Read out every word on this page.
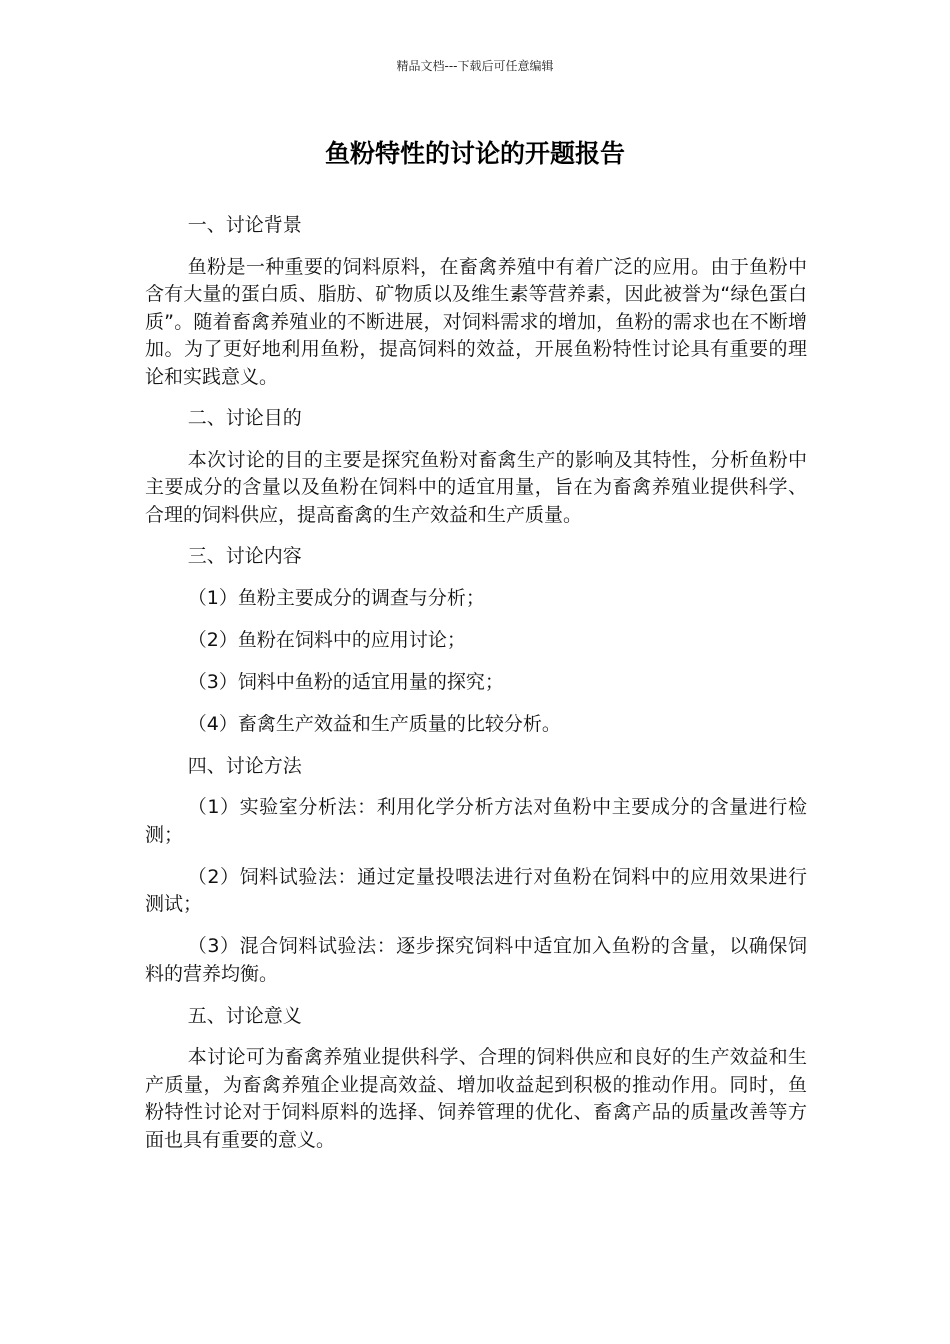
精品文档---下载后可任意编辑
鱼粉特性的讨论的开题报告

一、讨论背景

鱼粉是一种重要的饲料原料，在畜禽养殖中有着广泛的应用。由于鱼粉中含有大量的蛋白质、脂肪、矿物质以及维生素等营养素，因此被誉为“绿色蛋白质”。随着畜禽养殖业的不断进展，对饲料需求的增加，鱼粉的需求也在不断增加。为了更好地利用鱼粉，提高饲料的效益，开展鱼粉特性讨论具有重要的理论和实践意义。

二、讨论目的

本次讨论的目的主要是探究鱼粉对畜禽生产的影响及其特性，分析鱼粉中主要成分的含量以及鱼粉在饲料中的适宜用量，旨在为畜禽养殖业提供科学、合理的饲料供应，提高畜禽的生产效益和生产质量。

三、讨论内容

（1）鱼粉主要成分的调查与分析；

（2）鱼粉在饲料中的应用讨论；

（3）饲料中鱼粉的适宜用量的探究；

（4）畜禽生产效益和生产质量的比较分析。

四、讨论方法

（1）实验室分析法：利用化学分析方法对鱼粉中主要成分的含量进行检测；

（2）饲料试验法：通过定量投喂法进行对鱼粉在饲料中的应用效果进行测试；

（3）混合饲料试验法：逐步探究饲料中适宜加入鱼粉的含量，以确保饲料的营养均衡。

五、讨论意义

本讨论可为畜禽养殖业提供科学、合理的饲料供应和良好的生产效益和生产质量，为畜禽养殖企业提高效益、增加收益起到积极的推动作用。同时，鱼粉特性讨论对于饲料原料的选择、饲养管理的优化、畜禽产品的质量改善等方面也具有重要的意义。
